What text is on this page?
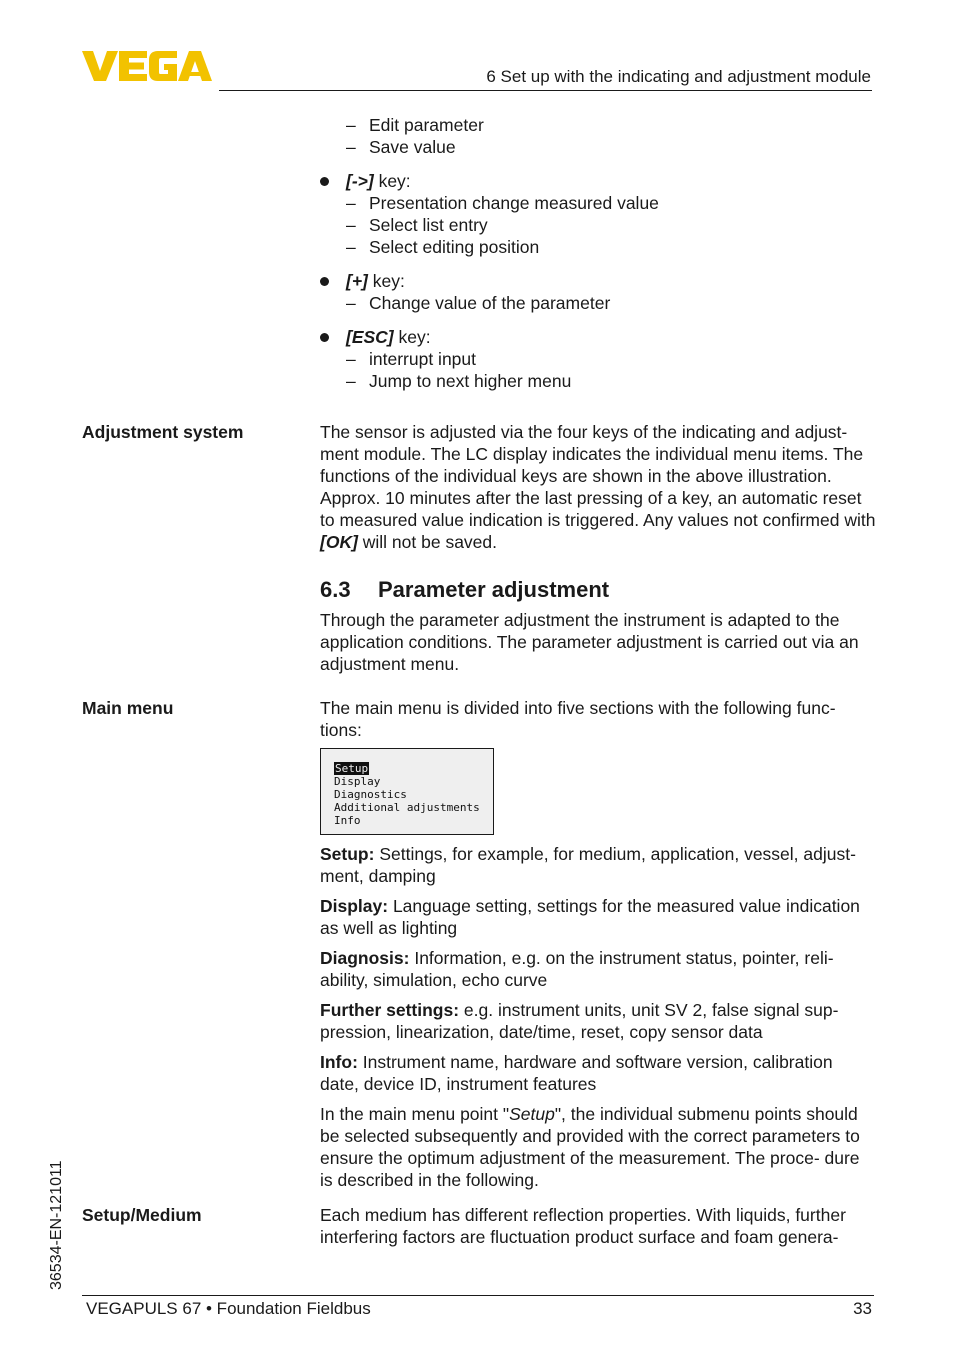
6 Set up with the indicating and adjustment module
– Edit parameter
– Save value
[->] key:
– Presentation change measured value
– Select list entry
– Select editing position
[+] key:
– Change value of the parameter
[ESC] key:
– interrupt input
– Jump to next higher menu
Adjustment system	The sensor is adjusted via the four keys of the indicating and adjust- ment module. The LC display indicates the individual menu items. The functions of the individual keys are shown in the above illustration. Approx. 10 minutes after the last pressing of a key, an automatic reset to measured value indication is triggered. Any values not confirmed with [OK] will not be saved.

6.3 Parameter adjustment

Through the parameter adjustment the instrument is adapted to the application conditions. The parameter adjustment is carried out via an adjustment menu.

Main menu	The main menu is divided into five sections with the following func- tions:

Setup
Display
Diagnostics
Additional adjustments
Info

Setup: Settings, for example, for medium, application, vessel, adjust- ment, damping

Display: Language setting, settings for the measured value indication as well as lighting

Diagnosis: Information, e.g. on the instrument status, pointer, reli- ability, simulation, echo curve

Further settings: e.g. instrument units, unit SV 2, false signal sup- pression, linearization, date/time, reset, copy sensor data

Info: Instrument name, hardware and software version, calibration date, device ID, instrument features

In the main menu point "Setup", the individual submenu points should be selected subsequently and provided with the correct parameters to ensure the optimum adjustment of the measurement. The proce- dure is described in the following.

Setup/Medium	Each medium has different reflection properties. With liquids, further interfering factors are fluctuation product surface and foam genera-

36534-EN-121011
VEGAPULS 67 • Foundation Fieldbus	33
